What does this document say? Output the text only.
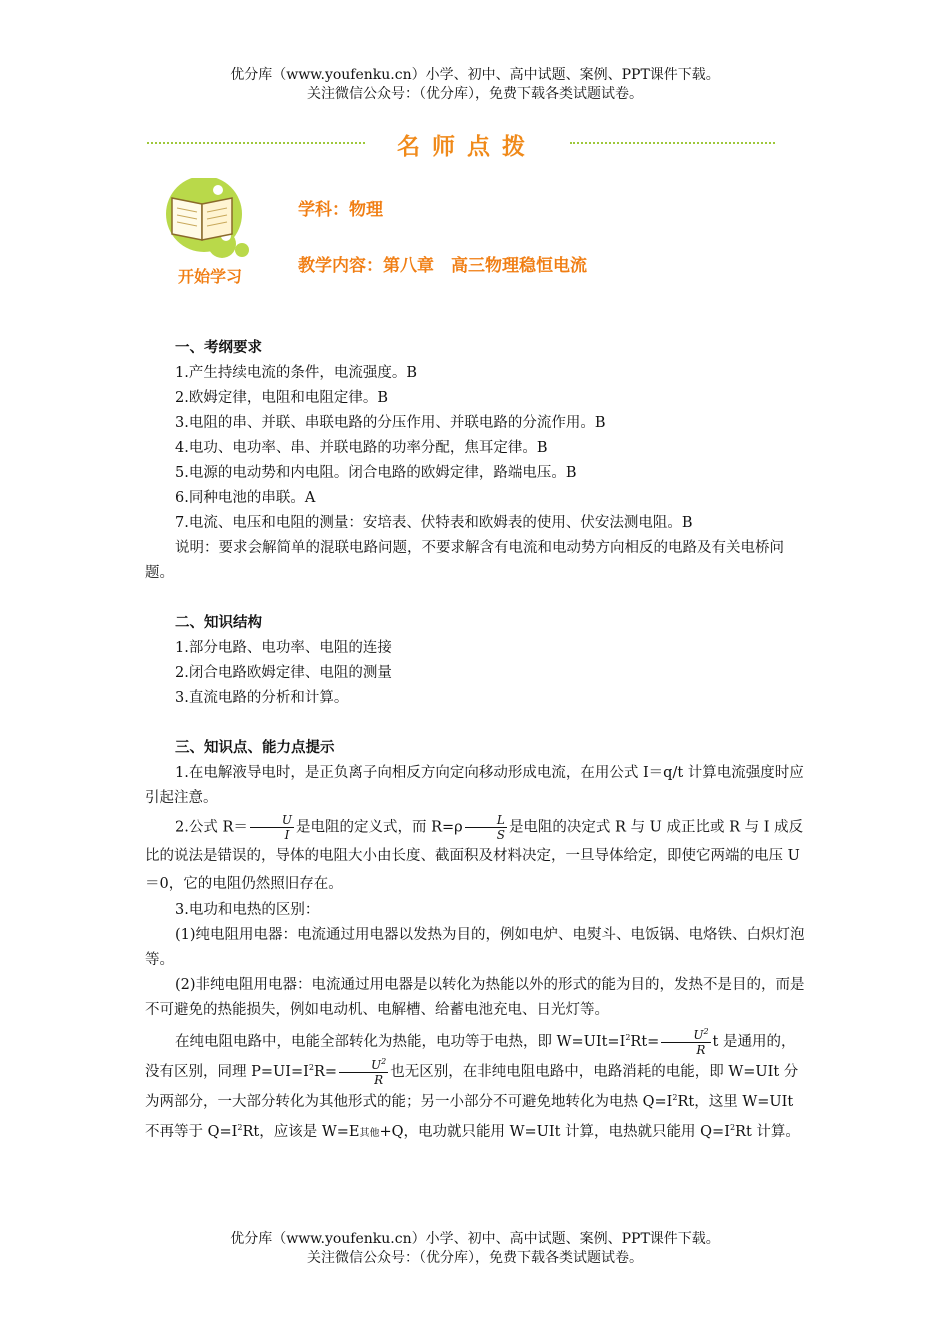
优分库（www.youfenku.cn）小学、初中、高中试题、案例、PPT课件下载。
关注微信公众号：（优分库），免费下载各类试题试卷。
名师点拨
开始学习
学科：物理
教学内容：第八章　高三物理稳恒电流

一、考纲要求

1.产生持续电流的条件，电流强度。B

2.欧姆定律，电阻和电阻定律。B

3.电阻的串、并联、串联电路的分压作用、并联电路的分流作用。B

4.电功、电功率、串、并联电路的功率分配，焦耳定律。B

5.电源的电动势和内电阻。闭合电路的欧姆定律，路端电压。B

6.同种电池的串联。A

7.电流、电压和电阻的测量：安培表、伏特表和欧姆表的使用、伏安法测电阻。B

说明：要求会解简单的混联电路问题，不要求解含有电流和电动势方向相反的电路及有关电桥问题。

二、知识结构

1.部分电路、电功率、电阻的连接

2.闭合电路欧姆定律、电阻的测量

3.直流电路的分析和计算。

三、知识点、能力点提示

1.在电解液导电时，是正负离子向相反方向定向移动形成电流，在用公式 I＝q/t 计算电流强度时应引起注意。

2.公式 $R= \frac{U}{I}$ 是电阻的定义式，而 $R=\rho \frac{L}{S}$ 是电阻的决定式 R 与 U 成正比或 R 与 I 成反比的说法是错误的，导体的电阻大小由长度、截面积及材料决定，一旦导体给定，即使它两端的电压 U＝0，它的电阻仍然照旧存在。

3.电功和电热的区别：

(1)纯电阻用电器：电流通过用电器以发热为目的，例如电炉、电熨斗、电饭锅、电烙铁、白炽灯泡等。

(2)非纯电阻用电器：电流通过用电器是以转化为热能以外的形式的能为目的，发热不是目的，而是不可避免的热能损失，例如电动机、电解槽、给蓄电池充电、日光灯等。

在纯电阻电路中，电能全部转化为热能，电功等于电热，即 $W=UIt=I^2Rt= \frac{U^2}{R}$ t 是通用的，没有区别，同理 $P=UI=I^2R= \frac{U^2}{R}$ 也无区别，在非纯电阻电路中，电路消耗的电能，即 W=UIt 分为两部分，一大部分转化为其他形式的能；另一小部分不可避免地转化为电热 $Q=I^2Rt$，这里 W=UIt 不再等于 $Q=I^2Rt$，应该是 W=E其他+Q，电功就只能用 W=UIt 计算，电热就只能用 $Q=I^2Rt$ 计算。

优分库（www.youfenku.cn）小学、初中、高中试题、案例、PPT课件下载。
关注微信公众号：（优分库），免费下载各类试题试卷。
